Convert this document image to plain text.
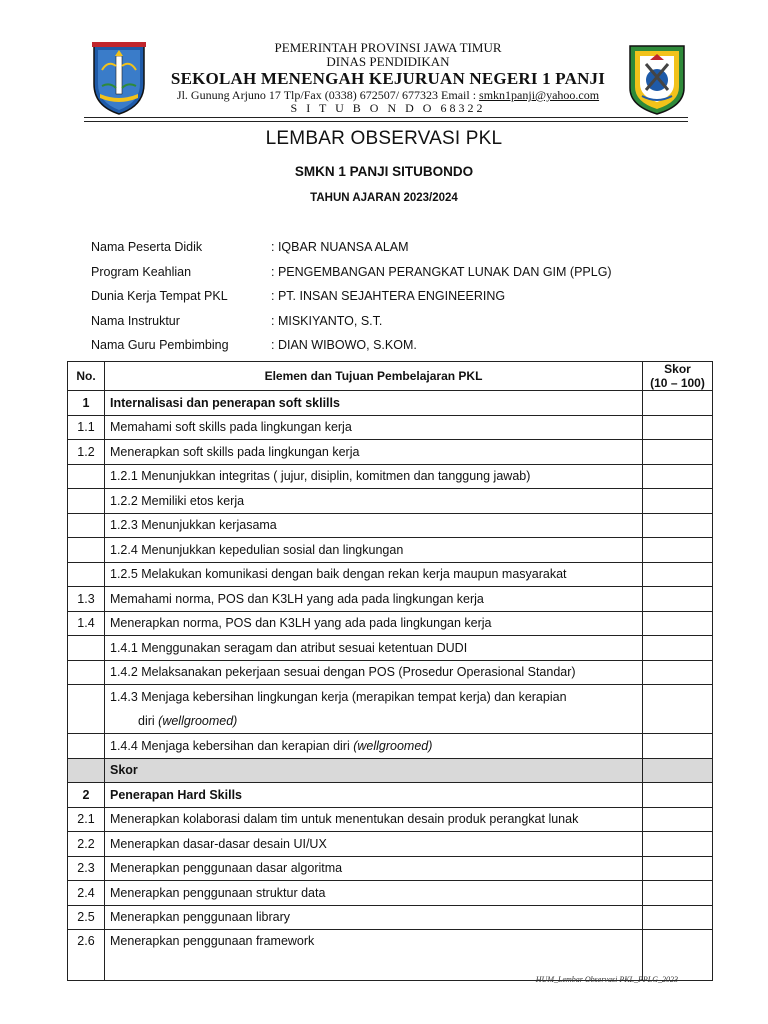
PEMERINTAH PROVINSI JAWA TIMUR
DINAS PENDIDIKAN
SEKOLAH MENENGAH KEJURUAN NEGERI 1 PANJI
Jl. Gunung Arjuno 17 Tlp/Fax (0338) 672507/ 677323 Email : smkn1panji@yahoo.com
S I T U B O N D O 68322
LEMBAR OBSERVASI PKL
SMKN 1 PANJI SITUBONDO
TAHUN AJARAN 2023/2024
Nama Peserta Didik	: IQBAR NUANSA ALAM
Program Keahlian	: PENGEMBANGAN PERANGKAT LUNAK DAN GIM (PPLG)
Dunia Kerja Tempat PKL	: PT. INSAN SEJAHTERA ENGINEERING
Nama Instruktur	: MISKIYANTO, S.T.
Nama Guru Pembimbing	: DIAN WIBOWO, S.KOM.
No.	Elemen dan Tujuan Pembelajaran PKL	Skor
(10 – 100)
1	Internalisasi dan penerapan soft sklills	
1.1	Memahami soft skills pada lingkungan kerja	
1.2	Menerapkan soft skills pada lingkungan kerja	
	1.2.1 Menunjukkan integritas ( jujur, disiplin, komitmen dan tanggung jawab)	
	1.2.2 Memiliki etos kerja	
	1.2.3 Menunjukkan kerjasama	
	1.2.4 Menunjukkan kepedulian sosial dan lingkungan	
	1.2.5 Melakukan komunikasi dengan baik dengan rekan kerja maupun masyarakat	
1.3	Memahami norma, POS dan K3LH yang ada pada lingkungan kerja	
1.4	Menerapkan norma, POS dan K3LH yang ada pada lingkungan kerja	
	1.4.1 Menggunakan seragam dan atribut sesuai ketentuan DUDI	
	1.4.2 Melaksanakan pekerjaan sesuai dengan POS (Prosedur Operasional Standar)	

	1.4.3 Menjaga kebersihan lingkungan kerja (merapikan tempat kerja) dan kerapian
diri (wellgroomed)	

	1.4.4 Menjaga kebersihan dan kerapian diri (wellgroomed)	
	Skor	
2	Penerapan Hard Skills	
2.1	Menerapkan kolaborasi dalam tim untuk menentukan desain produk perangkat lunak	
2.2	Menerapkan dasar-dasar desain UI/UX	
2.3	Menerapkan penggunaan dasar algoritma	
2.4	Menerapkan penggunaan struktur data	
2.5	Menerapkan penggunaan library	
2.6	Menerapkan penggunaan framework	
HUM_Lembar Observasi PKL_PPLG_2023
